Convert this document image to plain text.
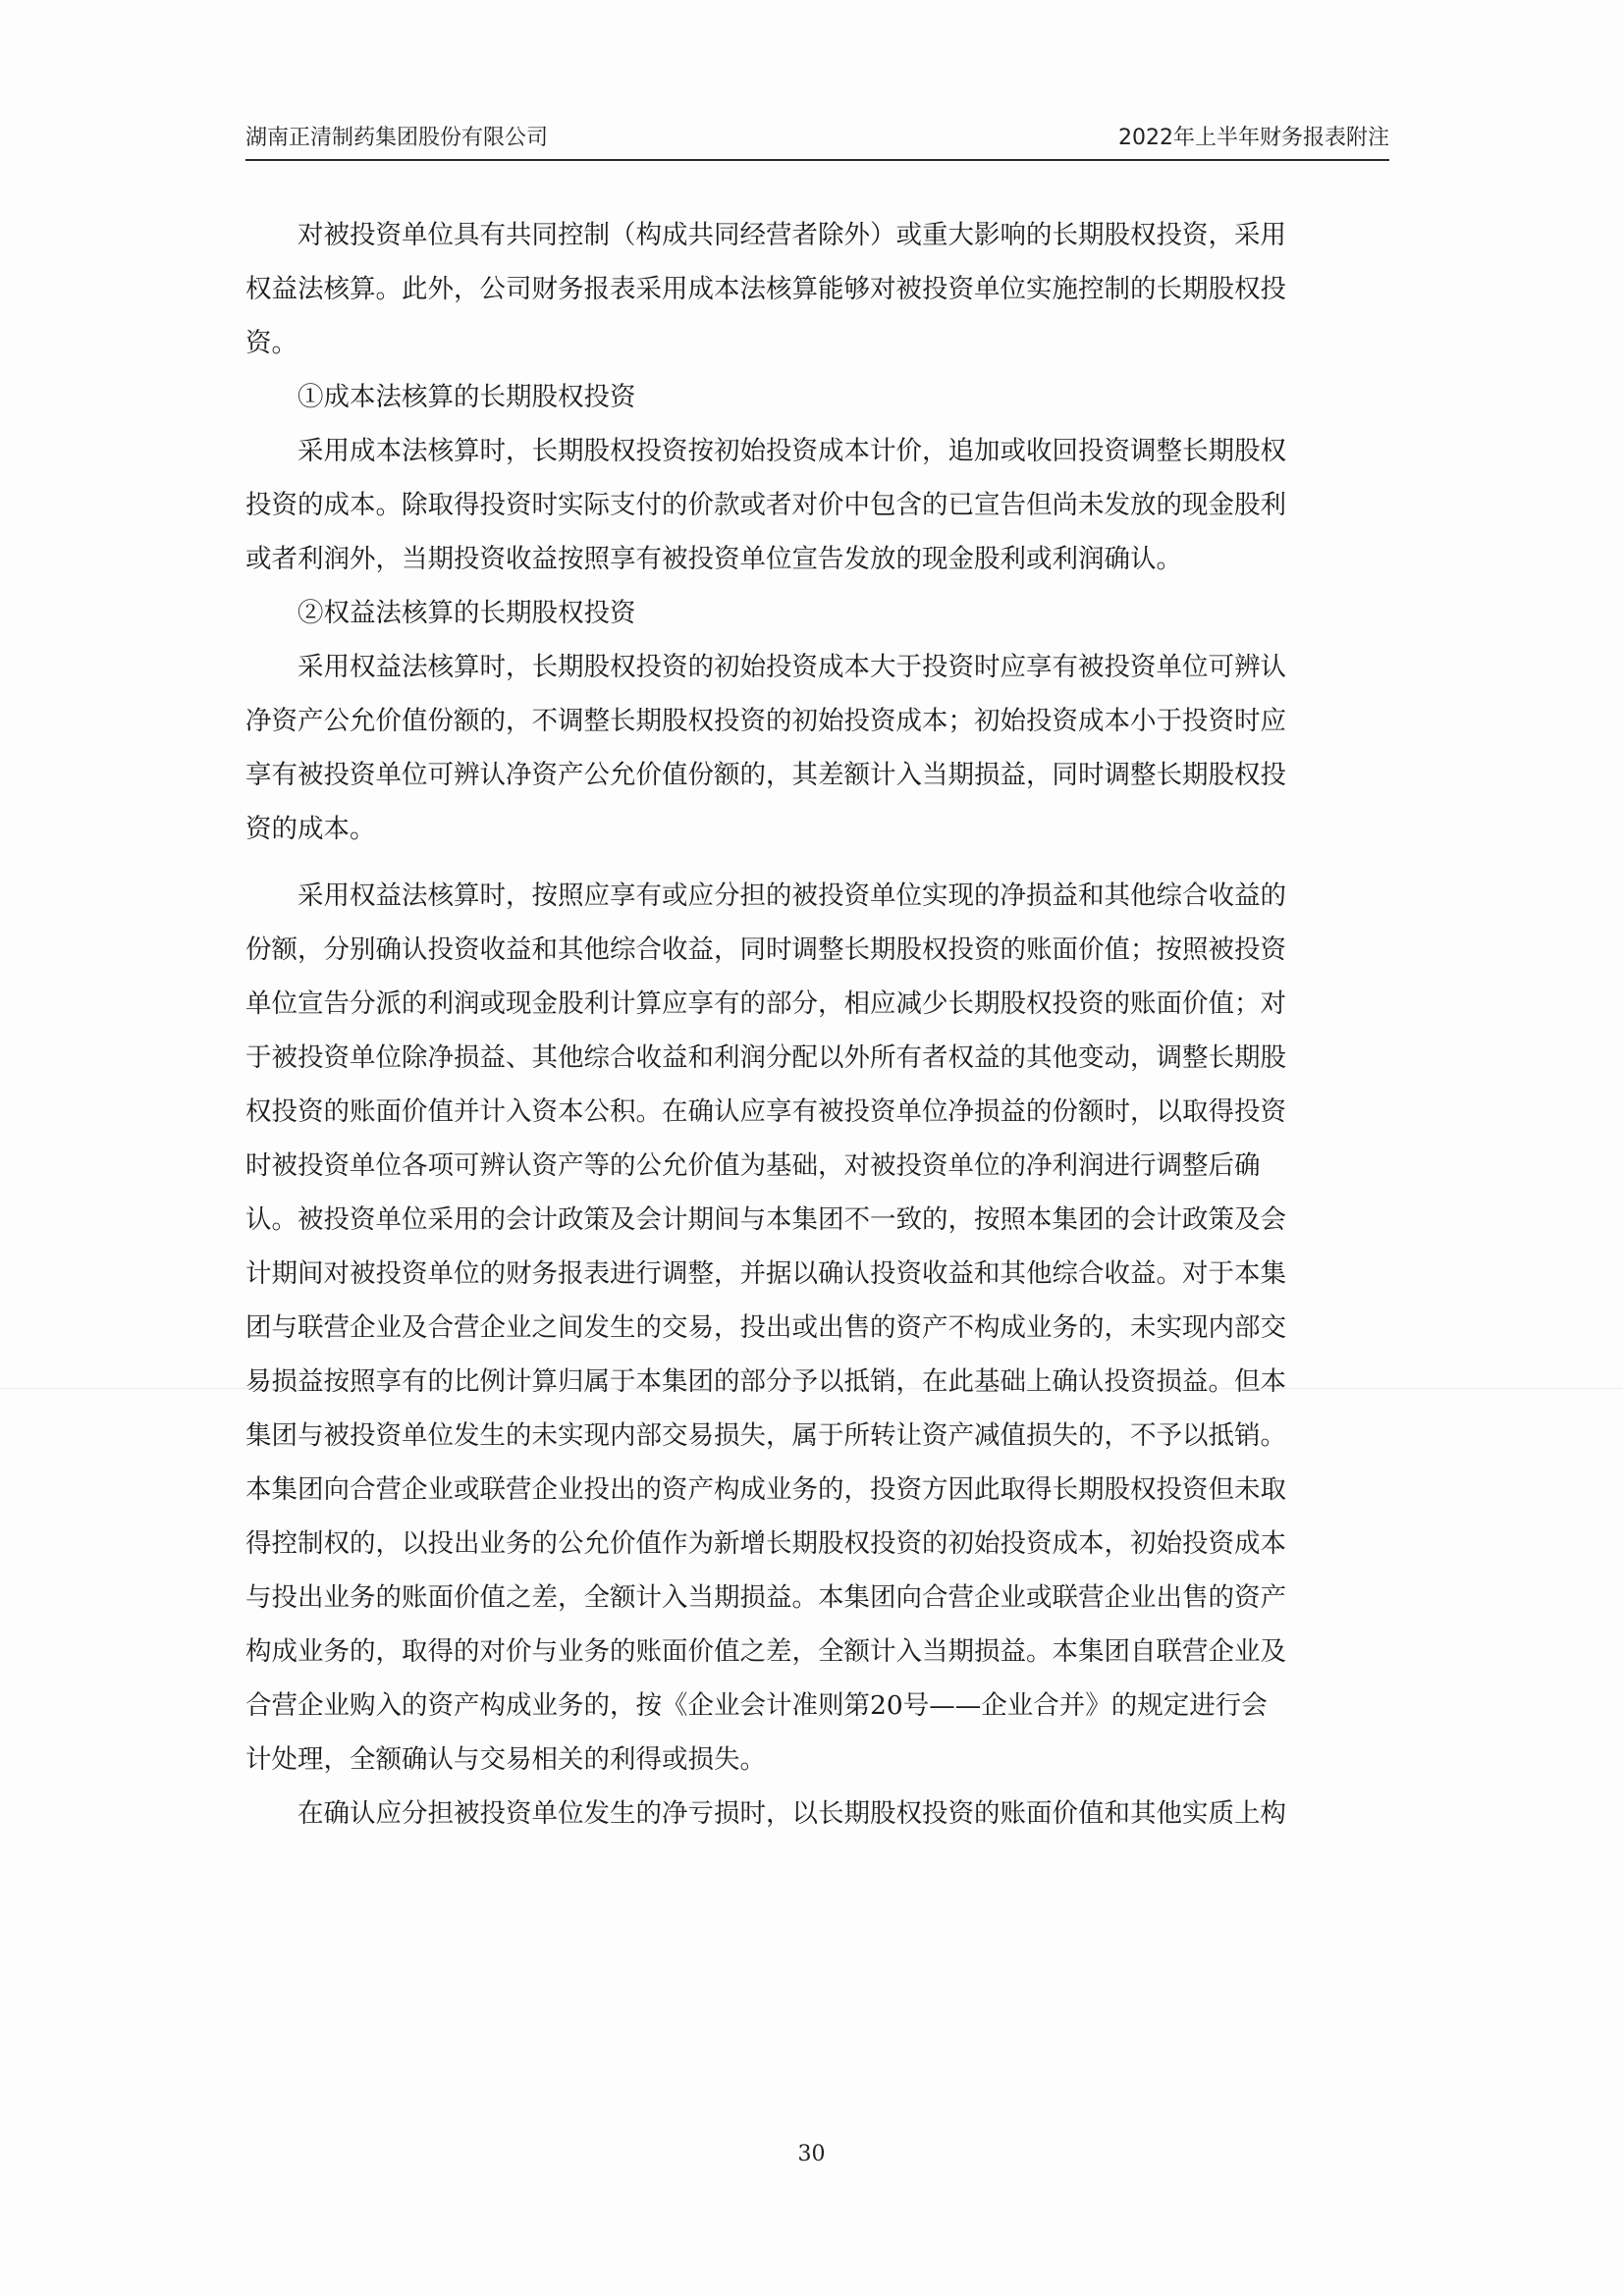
湖南正清制药集团股份有限公司	2022年上半年财务报表附注

对被投资单位具有共同控制（构成共同经营者除外）或重大影响的长期股权投资，采用

权益法核算。此外，公司财务报表采用成本法核算能够对被投资单位实施控制的长期股权投

资。

①成本法核算的长期股权投资

采用成本法核算时，长期股权投资按初始投资成本计价，追加或收回投资调整长期股权

投资的成本。除取得投资时实际支付的价款或者对价中包含的已宣告但尚未发放的现金股利

或者利润外，当期投资收益按照享有被投资单位宣告发放的现金股利或利润确认。

②权益法核算的长期股权投资

采用权益法核算时，长期股权投资的初始投资成本大于投资时应享有被投资单位可辨认

净资产公允价值份额的，不调整长期股权投资的初始投资成本；初始投资成本小于投资时应

享有被投资单位可辨认净资产公允价值份额的，其差额计入当期损益，同时调整长期股权投

资的成本。

采用权益法核算时，按照应享有或应分担的被投资单位实现的净损益和其他综合收益的

份额，分别确认投资收益和其他综合收益，同时调整长期股权投资的账面价值；按照被投资

单位宣告分派的利润或现金股利计算应享有的部分，相应减少长期股权投资的账面价值；对

于被投资单位除净损益、其他综合收益和利润分配以外所有者权益的其他变动，调整长期股

权投资的账面价值并计入资本公积。在确认应享有被投资单位净损益的份额时，以取得投资

时被投资单位各项可辨认资产等的公允价值为基础，对被投资单位的净利润进行调整后确

认。被投资单位采用的会计政策及会计期间与本集团不一致的，按照本集团的会计政策及会

计期间对被投资单位的财务报表进行调整，并据以确认投资收益和其他综合收益。对于本集

团与联营企业及合营企业之间发生的交易，投出或出售的资产不构成业务的，未实现内部交

易损益按照享有的比例计算归属于本集团的部分予以抵销，在此基础上确认投资损益。但本

集团与被投资单位发生的未实现内部交易损失，属于所转让资产减值损失的，不予以抵销。

本集团向合营企业或联营企业投出的资产构成业务的，投资方因此取得长期股权投资但未取

得控制权的，以投出业务的公允价值作为新增长期股权投资的初始投资成本，初始投资成本

与投出业务的账面价值之差，全额计入当期损益。本集团向合营企业或联营企业出售的资产

构成业务的，取得的对价与业务的账面价值之差，全额计入当期损益。本集团自联营企业及

合营企业购入的资产构成业务的，按《企业会计准则第20号——企业合并》的规定进行会

计处理，全额确认与交易相关的利得或损失。

在确认应分担被投资单位发生的净亏损时，以长期股权投资的账面价值和其他实质上构

30
